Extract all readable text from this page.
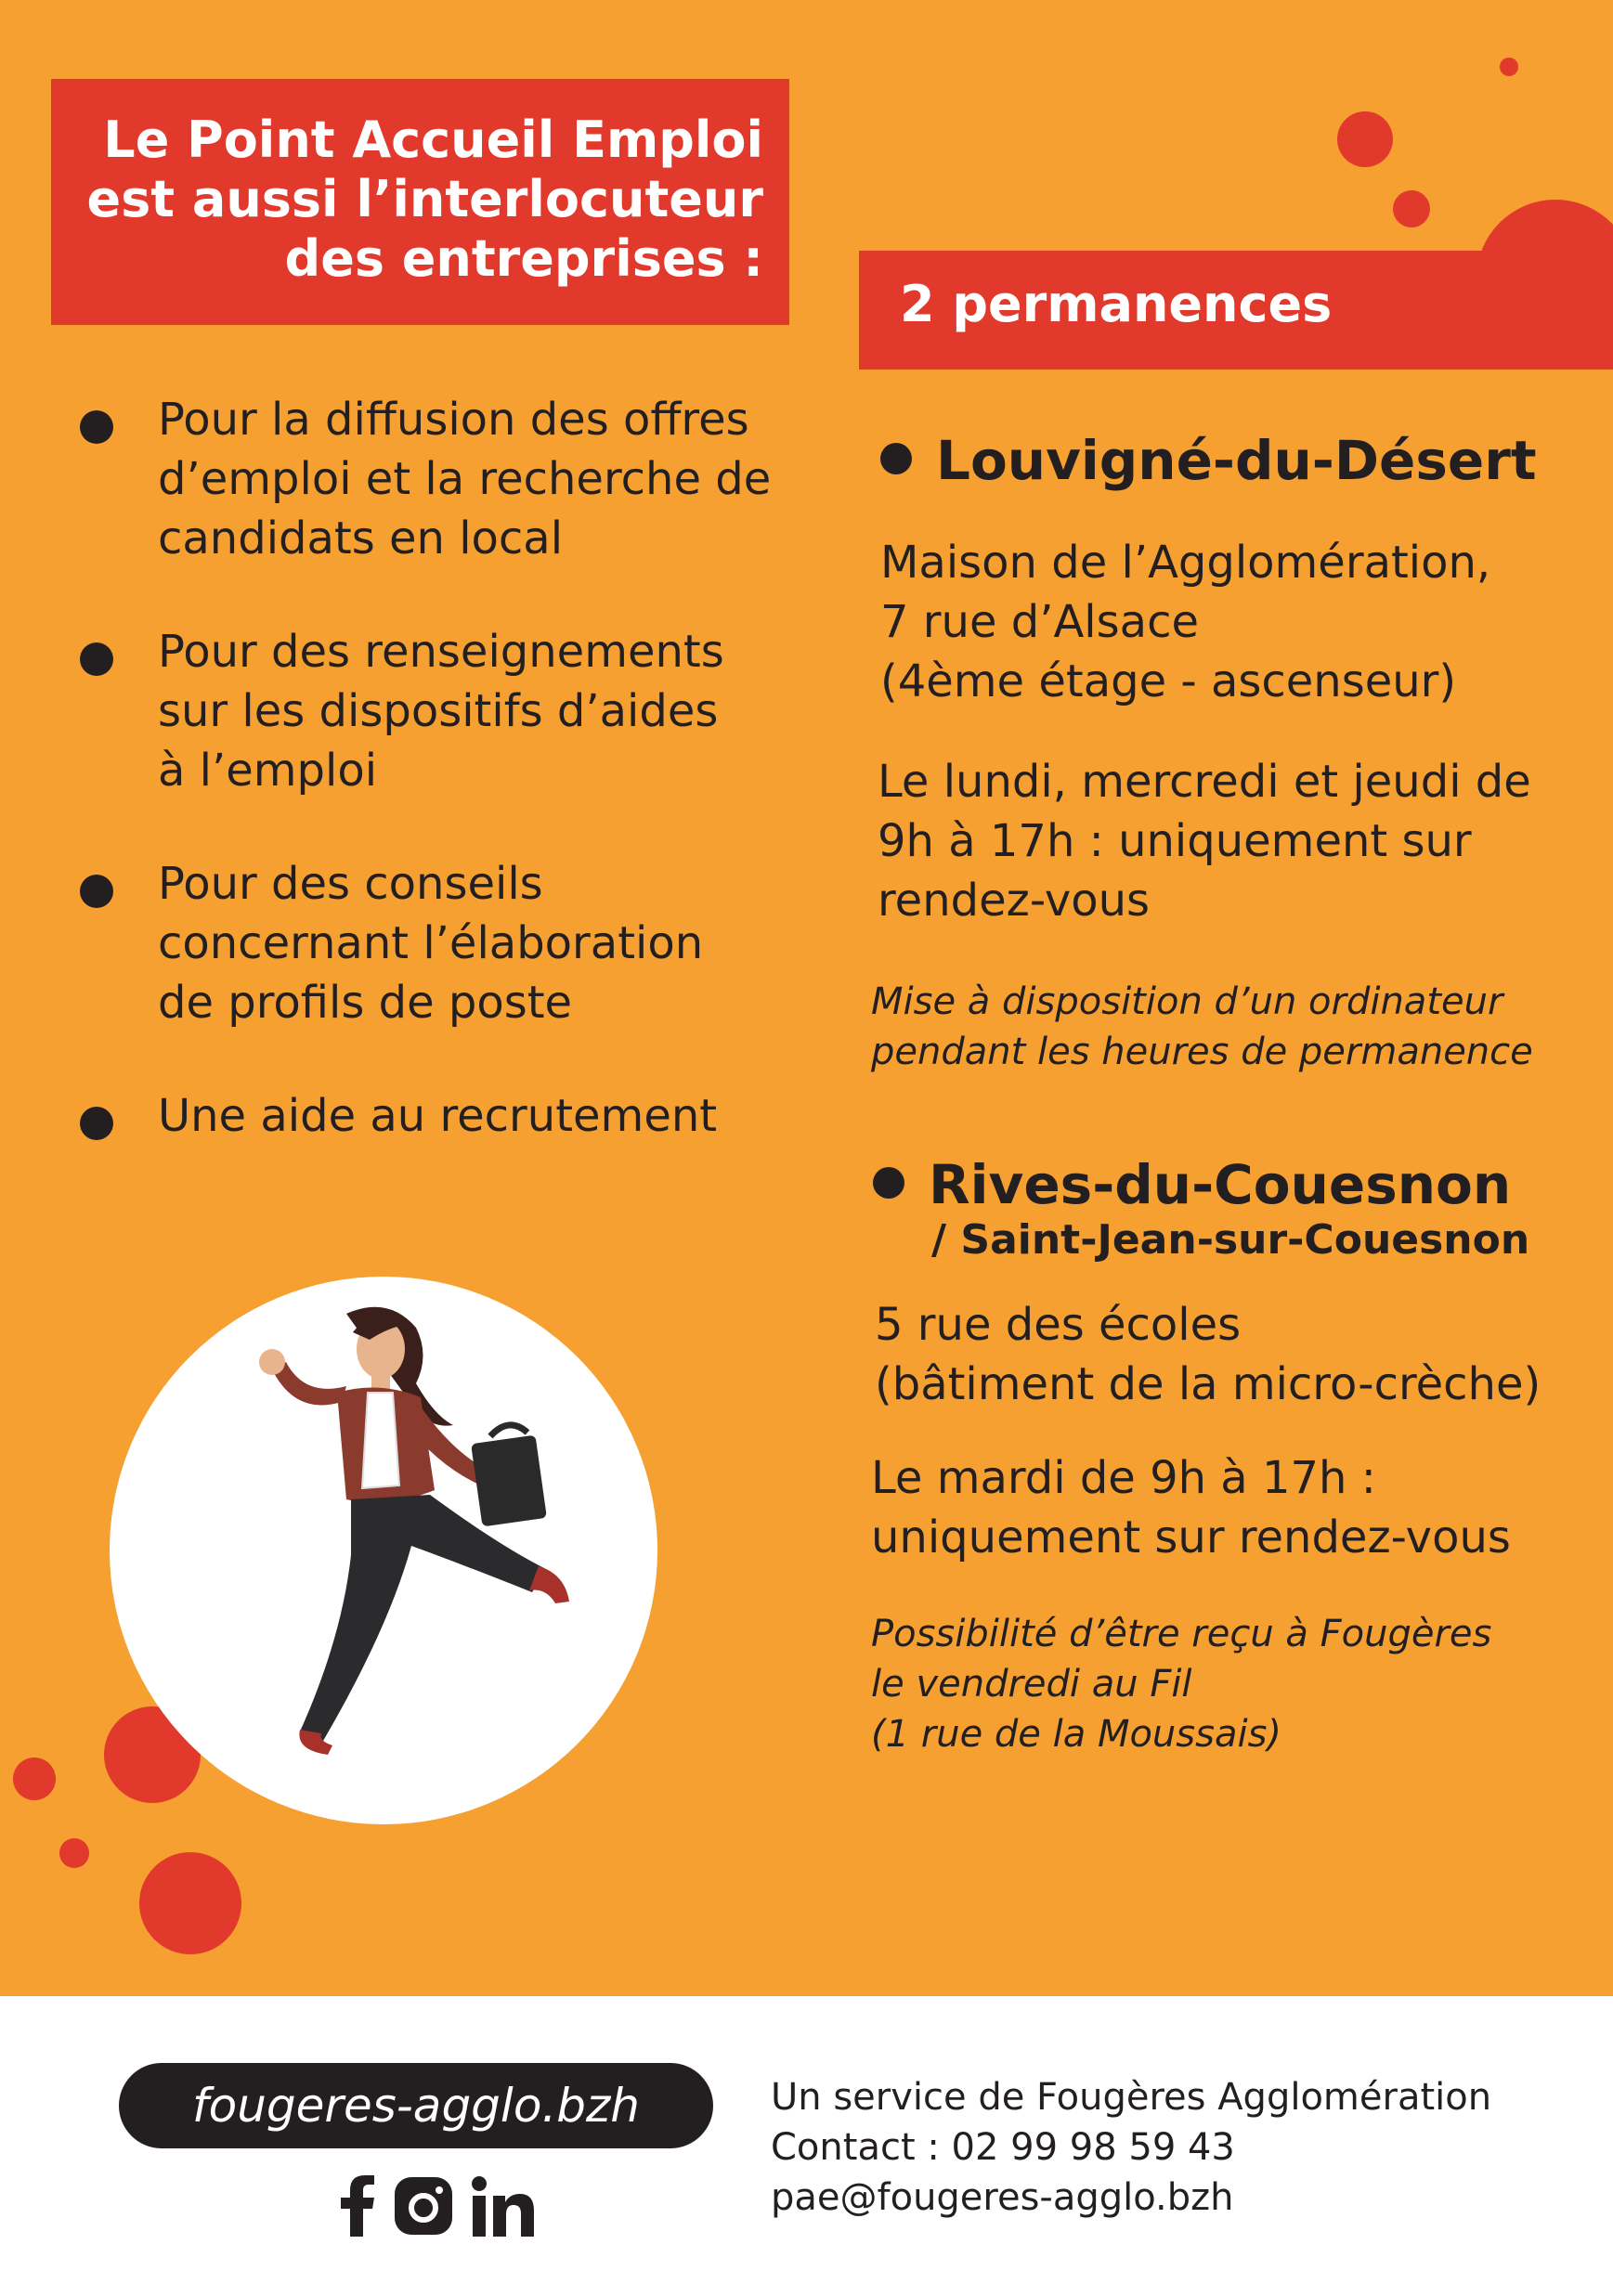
Le Point Accueil Emploi
est aussi l’interlocuteur
des entreprises :
Pour la diffusion des offres
d’emploi et la recherche de
candidats en local
Pour des renseignements
sur les dispositifs d’aides
à l’emploi
Pour des conseils
concernant l’élaboration
de profils de poste
Une aide au recrutement
2 permanences
Louvigné-du-Désert
Maison de l’Agglomération,
7 rue d’Alsace
(4ème étage - ascenseur)
Le lundi, mercredi et jeudi de
9h à 17h : uniquement sur
rendez-vous
Mise à disposition d’un ordinateur
pendant les heures de permanence
Rives-du-Couesnon
/ Saint-Jean-sur-Couesnon
5 rue des écoles
(bâtiment de la micro-crèche)
Le mardi de 9h à 17h :
uniquement sur rendez-vous
Possibilité d’être reçu à Fougères
le vendredi au Fil
(1 rue de la Moussais)
fougeres-agglo.bzh	Un service de Fougères Agglomération
Contact : 02 99 98 59 43
pae@fougeres-agglo.bzh
